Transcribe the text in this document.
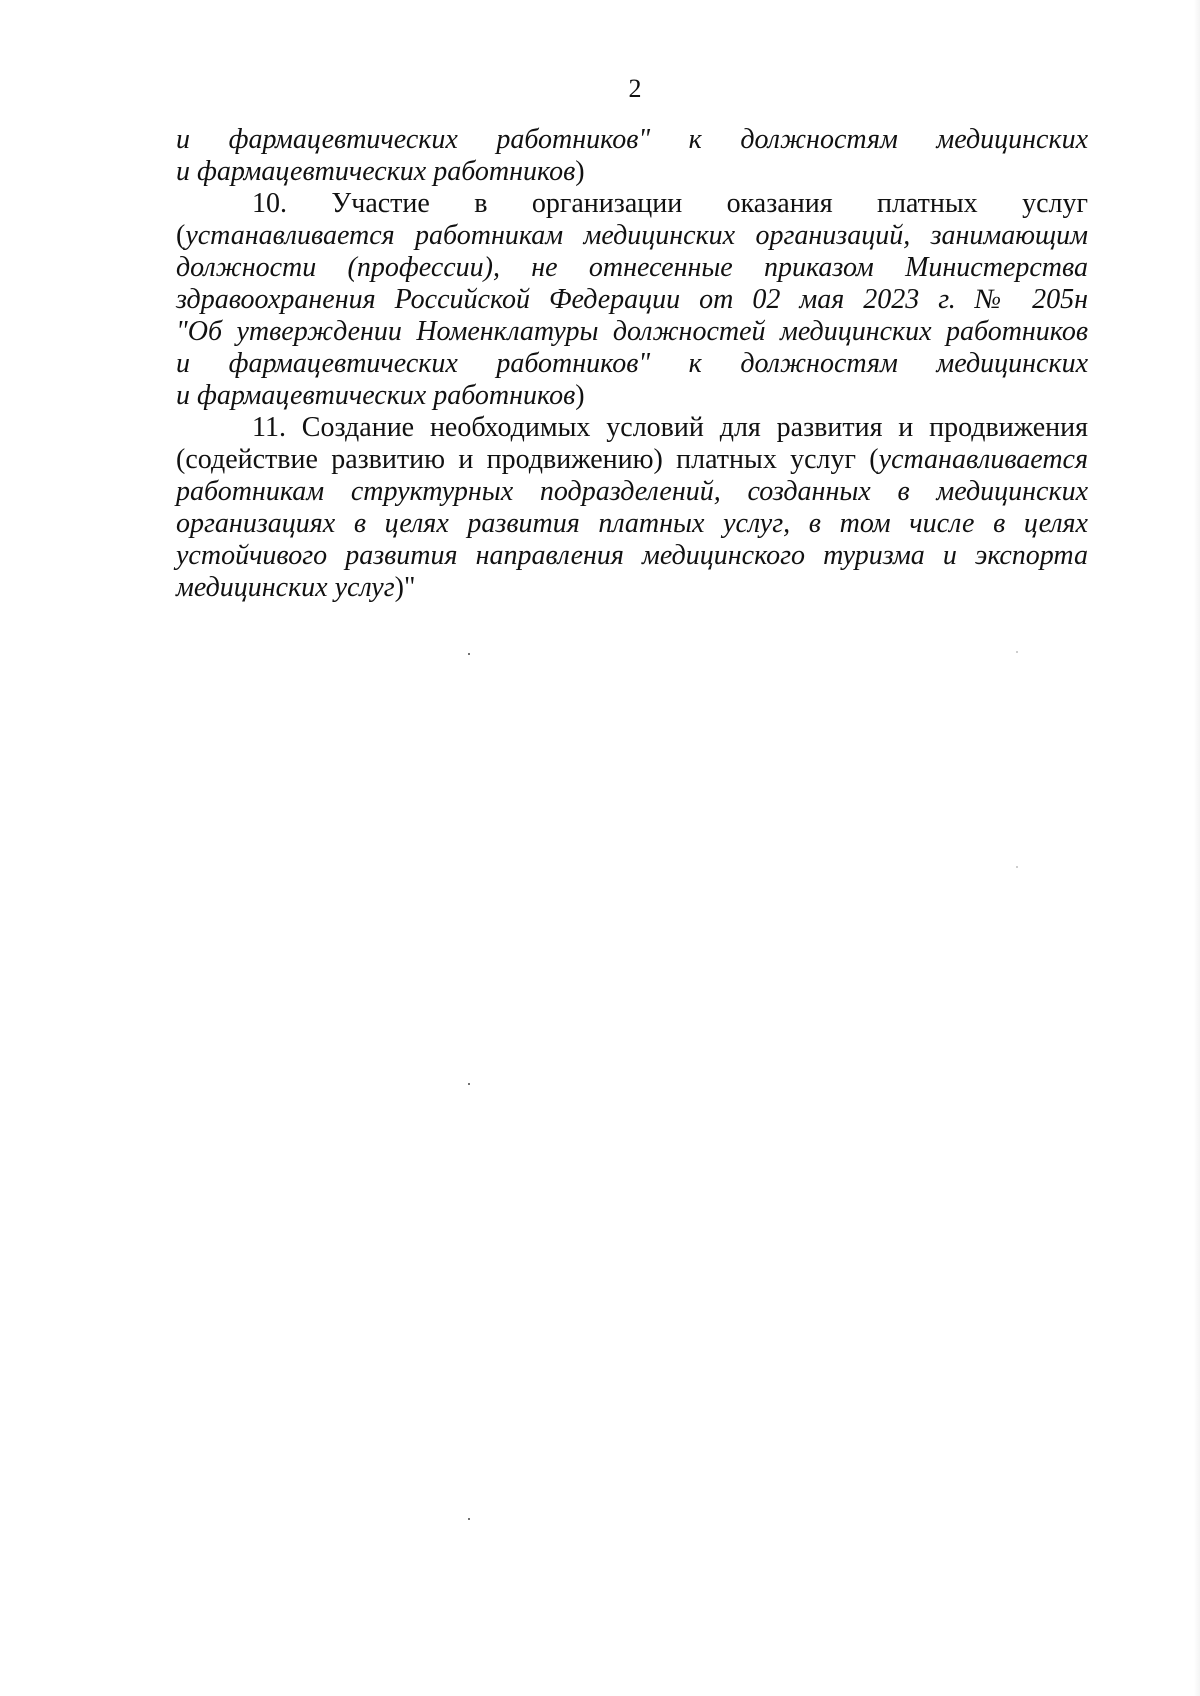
2
и фармацевтических работников" к должностям медицинских
и фармацевтических работников)
10. Участие в организации оказания платных услуг
(устанавливается работникам медицинских организаций, занимающим
должности (профессии), не отнесенные приказом Министерства
здравоохранения Российской Федерации от 02 мая 2023 г. № 205н
"Об утверждении Номенклатуры должностей медицинских работников
и фармацевтических работников" к должностям медицинских
и фармацевтических работников)
11. Создание необходимых условий для развития и продвижения
(содействие развитию и продвижению) платных услуг (устанавливается
работникам структурных подразделений, созданных в медицинских
организациях в целях развития платных услуг, в том числе в целях
устойчивого развития направления медицинского туризма и экспорта
медицинских услуг)"
